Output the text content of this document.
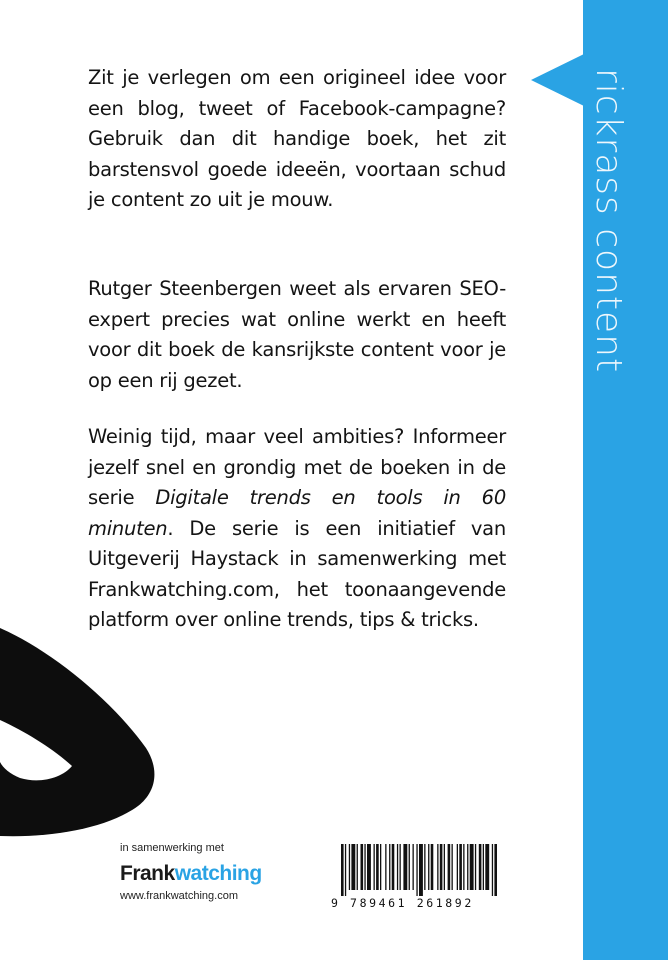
rickrass content

Zit je verlegen om een origineel idee voor een blog, tweet of Facebook-campagne? Gebruik dan dit handige boek, het zit barstensvol goede ideeën, voortaan schud je content zo uit je mouw.

Rutger Steenbergen weet als ervaren SEO-expert precies wat online werkt en heeft voor dit boek de kansrijkste content voor je op een rij gezet.

Weinig tijd, maar veel ambities? Informeer jezelf snel en grondig met de boeken in de serie Digitale trends en tools in 60 minuten. De serie is een initiatief van Uitgeverij Haystack in samenwerking met Frankwatching.com, het toonaangevende platform over online trends, tips & tricks.

in samenwerking met

Frankwatching

www.frankwatching.com	9 789461 261892
